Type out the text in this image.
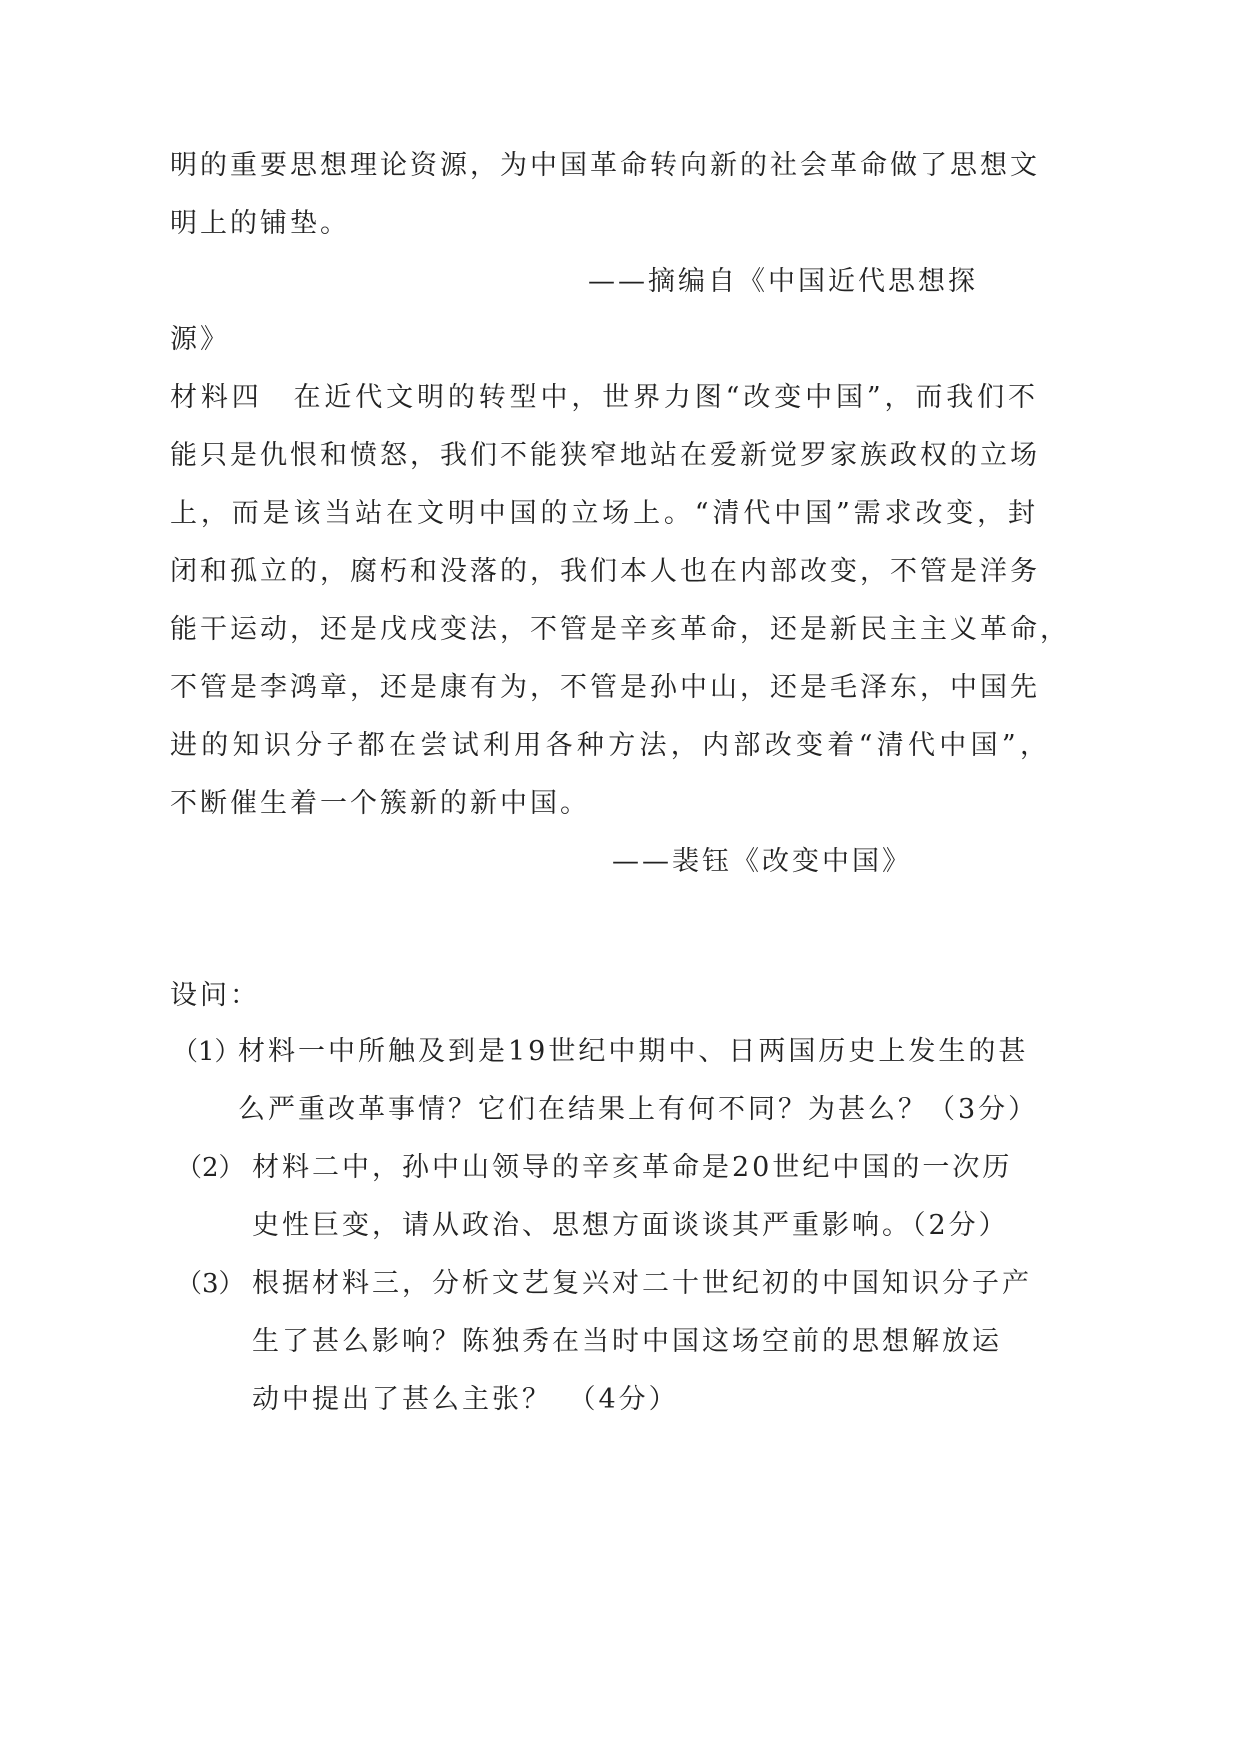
明的重要思想理论资源，为中国革命转向新的社会革命做了思想文
明上的铺垫。
——摘编自《中国近代思想探
源》
材料四　在近代文明的转型中，世界力图“改变中国”，而我们不
能只是仇恨和愤怒，我们不能狭窄地站在爱新觉罗家族政权的立场
上，而是该当站在文明中国的立场上。“清代中国”需求改变，封
闭和孤立的，腐朽和没落的，我们本人也在内部改变，不管是洋务
能干运动，还是戊戌变法，不管是辛亥革命，还是新民主主义革命，
不管是李鸿章，还是康有为，不管是孙中山，还是毛泽东，中国先
进的知识分子都在尝试利用各种方法，内部改变着“清代中国”，
不断催生着一个簇新的新中国。
——裴钰《改变中国》
设问：
（1）
材料一中所触及到是19世纪中期中、日两国历史上发生的甚
么严重改革事情？它们在结果上有何不同？为甚么？（3分）
（2） 材料二中，孙中山领导的辛亥革命是20世纪中国的一次历
史性巨变，请从政治、思想方面谈谈其严重影响。（2分）
（3） 根据材料三，分析文艺复兴对二十世纪初的中国知识分子产
生了甚么影响？陈独秀在当时中国这场空前的思想解放运
动中提出了甚么主张？　（4分）
